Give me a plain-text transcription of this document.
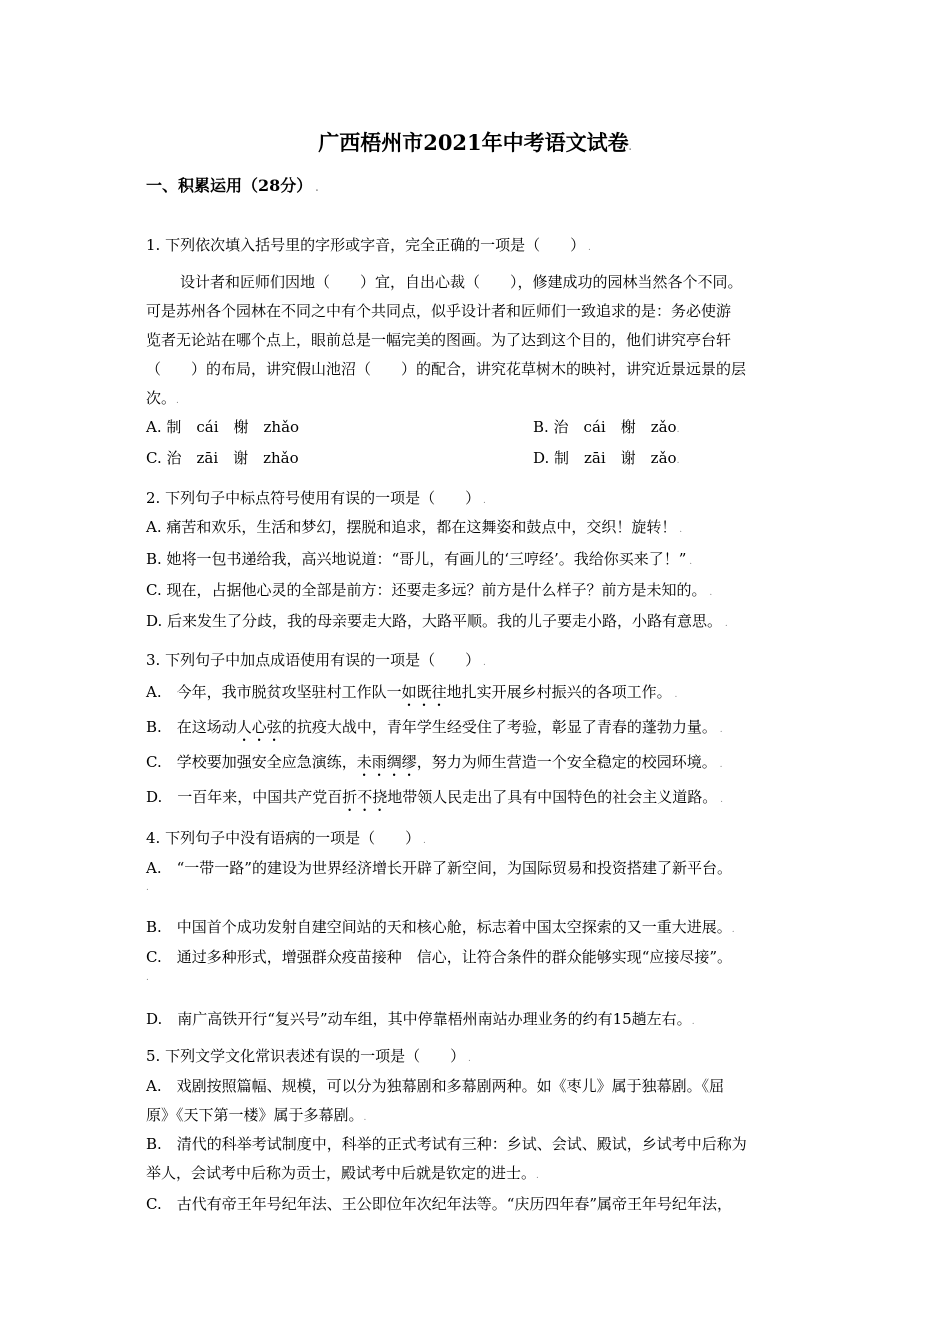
广西梧州市2021年中考语文试卷.
一、积累运用（28分） .
1. 下列依次填入括号里的字形或字音，完全正确的一项是（　　） .
设计者和匠师们因地（　　）宜，自出心裁（　　），修建成功的园林当然各个不同。
可是苏州各个园林在不同之中有个共同点，似乎设计者和匠师们一致追求的是：务必使游
览者无论站在哪个点上，眼前总是一幅完美的图画。为了达到这个目的，他们讲究亭台轩
（　　）的布局，讲究假山池沼（　　）的配合，讲究花草树木的映衬，讲究近景远景的层
次。.
A. 制　cái　榭　zhǎo	B. 治　cái　榭　zǎo.
C. 治　zāi　谢　zhǎo	D. 制　zāi　谢　zǎo.
2. 下列句子中标点符号使用有误的一项是（　　） .
A. 痛苦和欢乐，生活和梦幻，摆脱和追求，都在这舞姿和鼓点中，交织！旋转！ .
B. 她将一包书递给我，高兴地说道：“哥儿，有画儿的‘三哼经’。我给你买来了！” .
C. 现在，占据他心灵的全部是前方：还要走多远？前方是什么样子？前方是未知的。 .
D. 后来发生了分歧，我的母亲要走大路，大路平顺。我的儿子要走小路，小路有意思。 .
3. 下列句子中加点成语使用有误的一项是（　　） .
A.　今年，我市脱贫攻坚驻村工作队一如既往地扎实开展乡村振兴的各项工作。 .
B.　在这场动人心弦的抗疫大战中，青年学生经受住了考验，彰显了青春的蓬勃力量。 .
C.　学校要加强安全应急演练，未雨绸缪，努力为师生营造一个安全稳定的校园环境。 .
D.　一百年来，中国共产党百折不挠地带领人民走出了具有中国特色的社会主义道路。 .
4. 下列句子中没有语病的一项是（　　） .
A.　“一带一路”的建设为世界经济增长开辟了新空间，为国际贸易和投资搭建了新平台。
.
B.　中国首个成功发射自建空间站的天和核心舱，标志着中国太空探索的又一重大进展。.
C.　通过多种形式，增强群众疫苗接种　信心，让符合条件的群众能够实现“应接尽接”。
.
D.　南广高铁开行“复兴号”动车组，其中停靠梧州南站办理业务的约有15趟左右。.
5. 下列文学文化常识表述有误的一项是（　　） .
A.　戏剧按照篇幅、规模，可以分为独幕剧和多幕剧两种。如《枣儿》属于独幕剧。《屈
原》《天下第一楼》属于多幕剧。.
B.　清代的科举考试制度中，科举的正式考试有三种：乡试、会试、殿试，乡试考中后称为
举人，会试考中后称为贡士，殿试考中后就是钦定的进士。.
C.　古代有帝王年号纪年法、王公即位年次纪年法等。“庆历四年春”属帝王年号纪年法，
